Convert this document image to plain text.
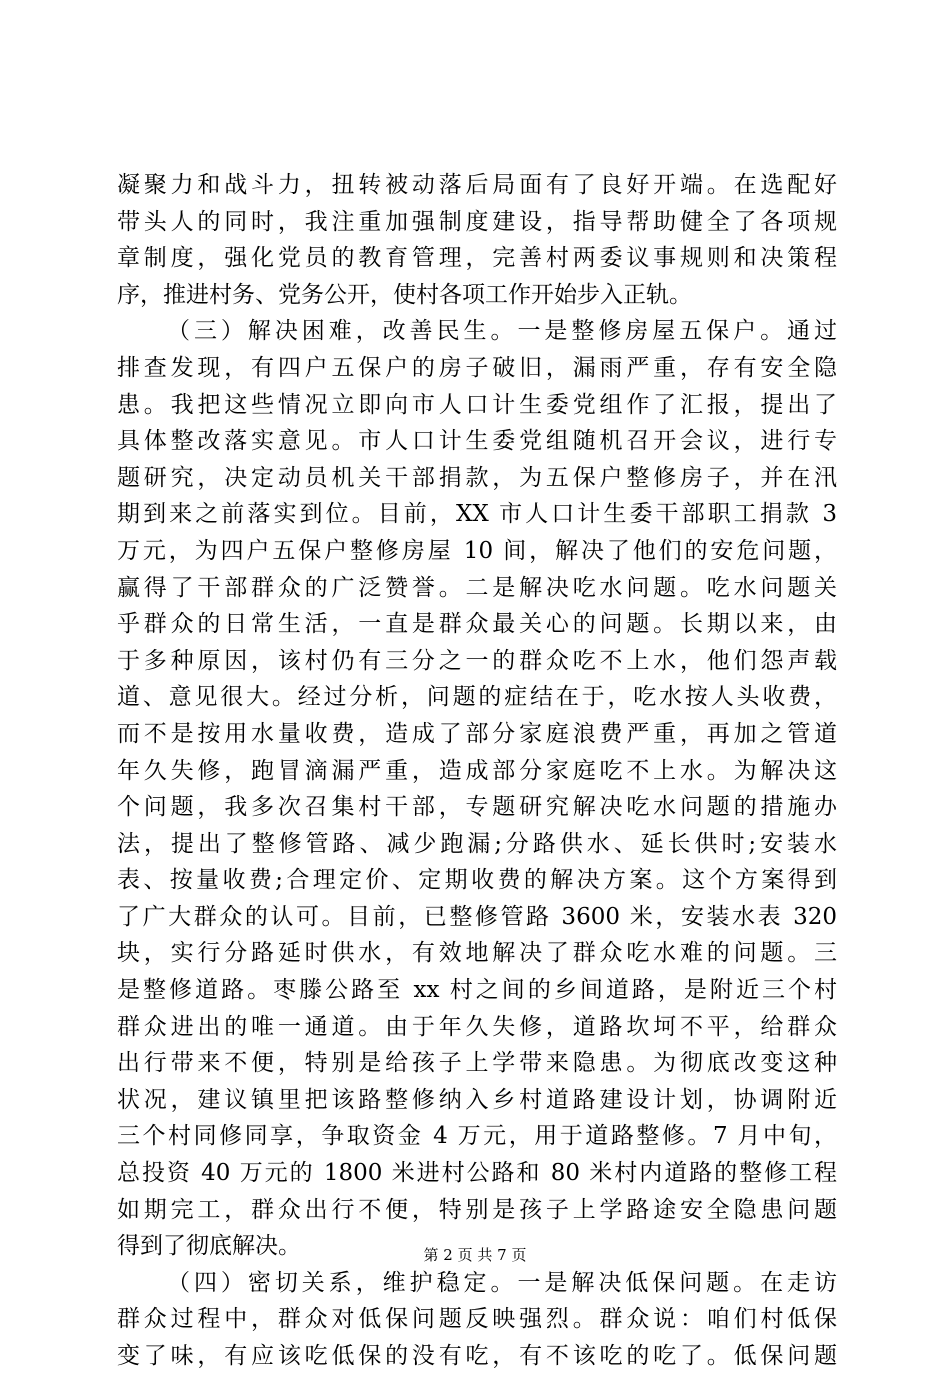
凝聚力和战斗力，扭转被动落后局面有了良好开端。在选配好
带头人的同时，我注重加强制度建设，指导帮助健全了各项规
章制度，强化党员的教育管理，完善村两委议事规则和决策程
序，推进村务、党务公开，使村各项工作开始步入正轨。
（三）解决困难，改善民生。一是整修房屋五保户。通过
排查发现，有四户五保户的房子破旧，漏雨严重，存有安全隐
患。我把这些情况立即向市人口计生委党组作了汇报，提出了
具体整改落实意见。市人口计生委党组随机召开会议，进行专
题研究，决定动员机关干部捐款，为五保户整修房子，并在汛
期到来之前落实到位。目前，XX 市人口计生委干部职工捐款 3
万元，为四户五保户整修房屋 10 间，解决了他们的安危问题，
赢得了干部群众的广泛赞誉。二是解决吃水问题。吃水问题关
乎群众的日常生活，一直是群众最关心的问题。长期以来，由
于多种原因，该村仍有三分之一的群众吃不上水，他们怨声载
道、意见很大。经过分析，问题的症结在于，吃水按人头收费，
而不是按用水量收费，造成了部分家庭浪费严重，再加之管道
年久失修，跑冒滴漏严重，造成部分家庭吃不上水。为解决这
个问题，我多次召集村干部，专题研究解决吃水问题的措施办
法，提出了整修管路、减少跑漏;分路供水、延长供时;安装水
表、按量收费;合理定价、定期收费的解决方案。这个方案得到
了广大群众的认可。目前，已整修管路 3600 米，安装水表 320
块，实行分路延时供水，有效地解决了群众吃水难的问题。三
是整修道路。枣滕公路至 xx 村之间的乡间道路，是附近三个村
群众进出的唯一通道。由于年久失修，道路坎坷不平，给群众
出行带来不便，特别是给孩子上学带来隐患。为彻底改变这种
状况，建议镇里把该路整修纳入乡村道路建设计划，协调附近
三个村同修同享，争取资金 4 万元，用于道路整修。7 月中旬，
总投资 40 万元的 1800 米进村公路和 80 米村内道路的整修工程
如期完工，群众出行不便，特别是孩子上学路途安全隐患问题
得到了彻底解决。
（四）密切关系，维护稳定。一是解决低保问题。在走访
群众过程中，群众对低保问题反映强烈。群众说：咱们村低保
变了味，有应该吃低保的没有吃，有不该吃的吃了。低保问题
第 2 页 共 7 页
